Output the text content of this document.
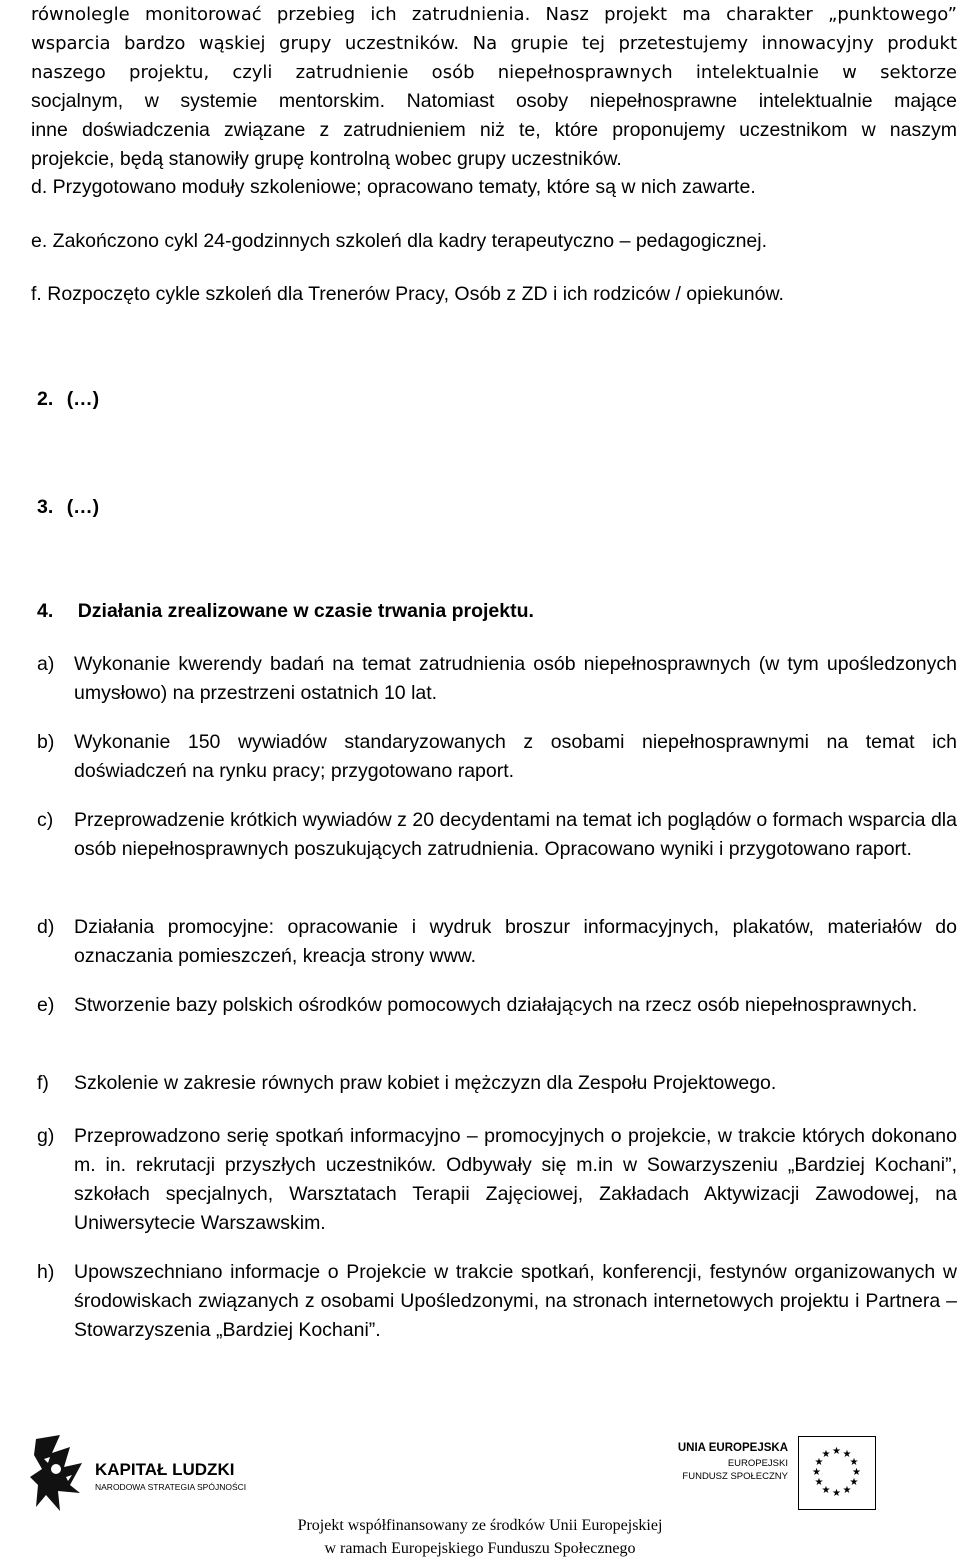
równolegle monitorować przebieg ich zatrudnienia. Nasz projekt ma charakter „punktowego”
wsparcia bardzo wąskiej grupy uczestników. Na grupie tej przetestujemy innowacyjny produkt
naszego projektu, czyli zatrudnienie osób niepełnosprawnych intelektualnie w sektorze
socjalnym, w systemie mentorskim. Natomiast osoby niepełnosprawne intelektualnie mające
inne doświadczenia związane z zatrudnieniem niż te, które proponujemy uczestnikom w naszym
projekcie, będą stanowiły grupę kontrolną wobec grupy uczestników.
d. Przygotowano moduły szkoleniowe; opracowano tematy, które są w nich zawarte.
e. Zakończono cykl 24-godzinnych szkoleń dla kadry terapeutyczno – pedagogicznej.
f. Rozpoczęto cykle szkoleń dla Trenerów Pracy, Osób z ZD i ich rodziców / opiekunów.
2. (…)
3. (…)
4. Działania zrealizowane w czasie trwania projektu.
a) Wykonanie kwerendy badań na temat zatrudnienia osób niepełnosprawnych (w tym upośledzonych umysłowo) na przestrzeni ostatnich 10 lat.
b) Wykonanie 150 wywiadów standaryzowanych z osobami niepełnosprawnymi na temat ich doświadczeń na rynku pracy; przygotowano raport.
c) Przeprowadzenie krótkich wywiadów z 20 decydentami na temat ich poglądów o formach wsparcia dla osób niepełnosprawnych poszukujących zatrudnienia. Opracowano wyniki i przygotowano raport.
d) Działania promocyjne: opracowanie i wydruk broszur informacyjnych, plakatów, materiałów do oznaczania pomieszczeń, kreacja strony www.
e) Stworzenie bazy polskich ośrodków pomocowych działających na rzecz osób niepełnosprawnych.
f) Szkolenie w zakresie równych praw kobiet i mężczyzn dla Zespołu Projektowego.
g) Przeprowadzono serię spotkań informacyjno – promocyjnych o projekcie, w trakcie których dokonano m. in. rekrutacji przyszłych uczestników. Odbywały się m.in w Sowarzyszeniu „Bardziej Kochani”, szkołach specjalnych, Warsztatach Terapii Zajęciowej, Zakładach Aktywizacji Zawodowej, na Uniwersytecie Warszawskim.
h) Upowszechniano informacje o Projekcie w trakcie spotkań, konferencji, festynów organizowanych w środowiskach związanych z osobami Upośledzonymi, na stronach internetowych projektu i Partnera – Stowarzyszenia „Bardziej Kochani”.
KAPITAŁ LUDZKI
NARODOWA STRATEGIA SPÓJNOŚCI
UNIA EUROPEJSKA
EUROPEJSKI
FUNDUSZ SPOŁECZNY
★ ★
★
★
★
★
★
★
★
★
★
★
Projekt współfinansowany ze środków Unii Europejskiej
w ramach Europejskiego Funduszu Społecznego
